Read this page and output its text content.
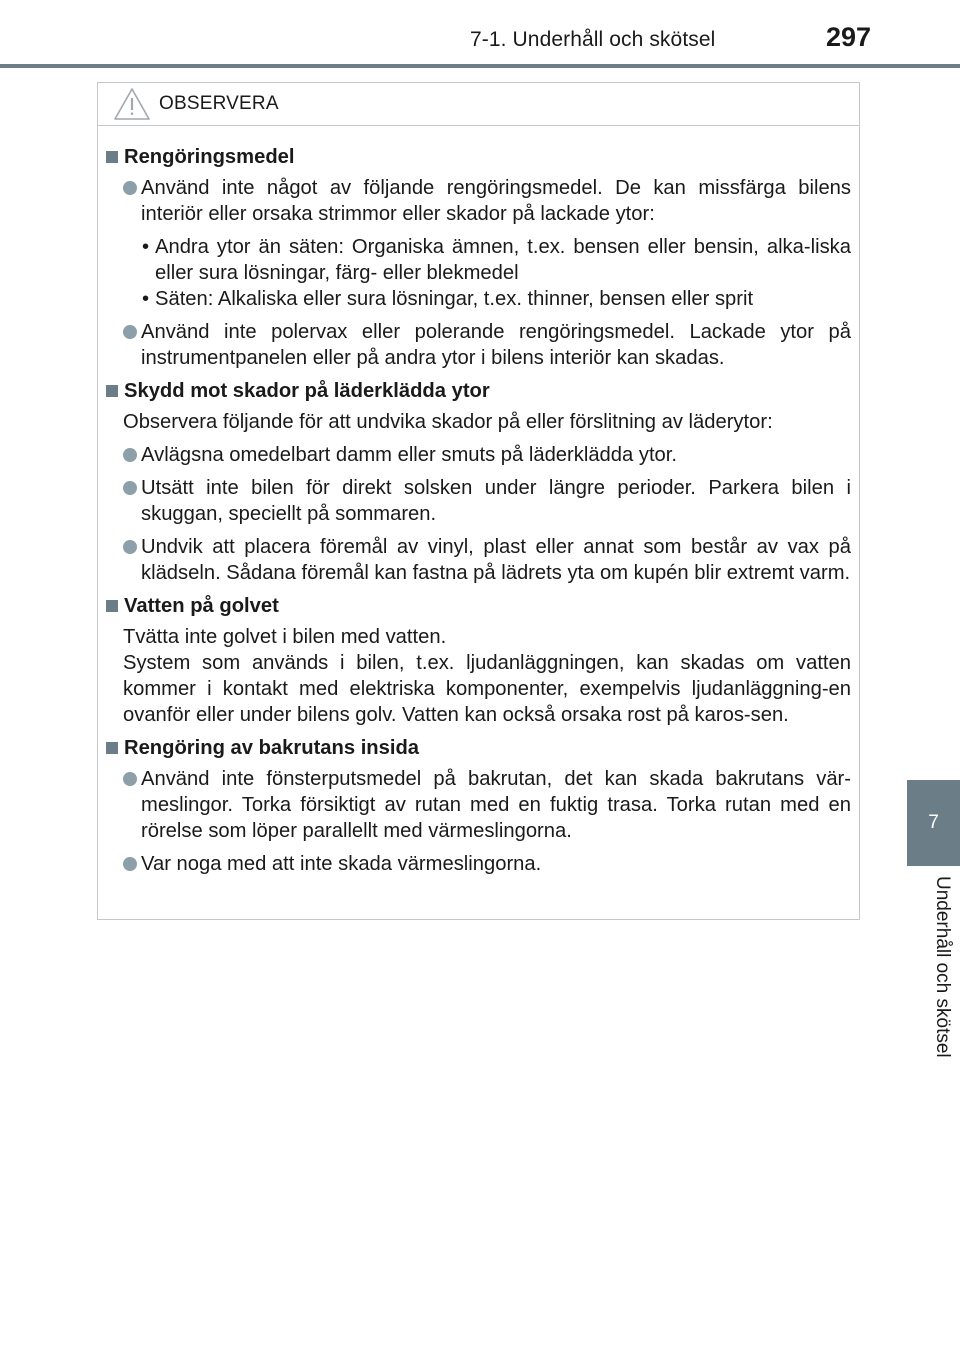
7-1. Underhåll och skötsel	297
7
Underhåll och skötsel
OBSERVERA
Rengöringsmedel
Använd inte något av följande rengöringsmedel. De kan missfärga bilens interiör eller orsaka strimmor eller skador på lackade ytor:
• Andra ytor än säten: Organiska ämnen, t.ex. bensen eller bensin, alka-liska eller sura lösningar, färg- eller blekmedel
• Säten: Alkaliska eller sura lösningar, t.ex. thinner, bensen eller sprit
Använd inte polervax eller polerande rengöringsmedel. Lackade ytor på instrumentpanelen eller på andra ytor i bilens interiör kan skadas.
Skydd mot skador på läderklädda ytor
Observera följande för att undvika skador på eller förslitning av läderytor:
Avlägsna omedelbart damm eller smuts på läderklädda ytor.
Utsätt inte bilen för direkt solsken under längre perioder. Parkera bilen i skuggan, speciellt på sommaren.
Undvik att placera föremål av vinyl, plast eller annat som består av vax på klädseln. Sådana föremål kan fastna på lädrets yta om kupén blir extremt varm.
Vatten på golvet
Tvätta inte golvet i bilen med vatten.
System som används i bilen, t.ex. ljudanläggningen, kan skadas om vatten kommer i kontakt med elektriska komponenter, exempelvis ljudanläggning-en ovanför eller under bilens golv. Vatten kan också orsaka rost på karos-sen.
Rengöring av bakrutans insida
Använd inte fönsterputsmedel på bakrutan, det kan skada bakrutans vär-meslingor. Torka försiktigt av rutan med en fuktig trasa. Torka rutan med en rörelse som löper parallellt med värmeslingorna.
Var noga med att inte skada värmeslingorna.
